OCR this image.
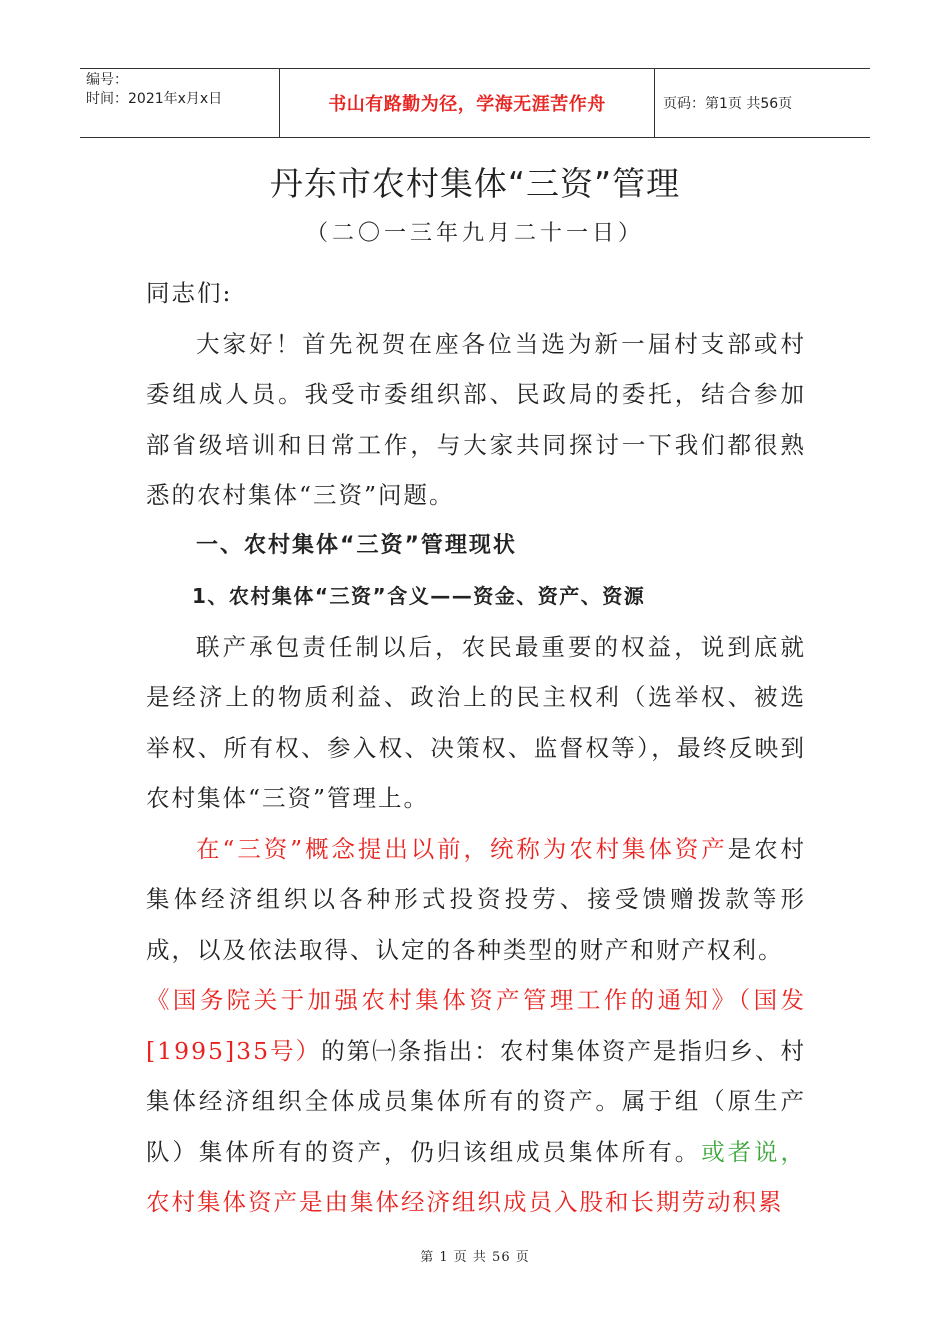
编号：
时间：2021年x月x日	书山有路勤为径，学海无涯苦作舟	页码：第1页 共56页
丹东市农村集体“三资”管理
（二〇一三年九月二十一日）

同志们:

大家好！首先祝贺在座各位当选为新一届村支部或村委组成人员。我受市委组织部、民政局的委托，结合参加部省级培训和日常工作，与大家共同探讨一下我们都很熟悉的农村集体“三资”问题。

一、农村集体“三资”管理现状

1、农村集体“三资”含义——资金、资产、资源

联产承包责任制以后，农民最重要的权益，说到底就是经济上的物质利益、政治上的民主权利（选举权、被选举权、所有权、参入权、决策权、监督权等），最终反映到农村集体“三资”管理上。

在“三资”概念提出以前，统称为农村集体资产是农村集体经济组织以各种形式投资投劳、接受馈赠拨款等形成，以及依法取得、认定的各种类型的财产和财产权利。

《国务院关于加强农村集体资产管理工作的通知》（国发[1995]35号）的第㈠条指出：农村集体资产是指归乡、村集体经济组织全体成员集体所有的资产。属于组（原生产队）集体所有的资产，仍归该组成员集体所有。或者说，农村集体资产是由集体经济组织成员入股和长期劳动积累

第 1 页 共 56 页
